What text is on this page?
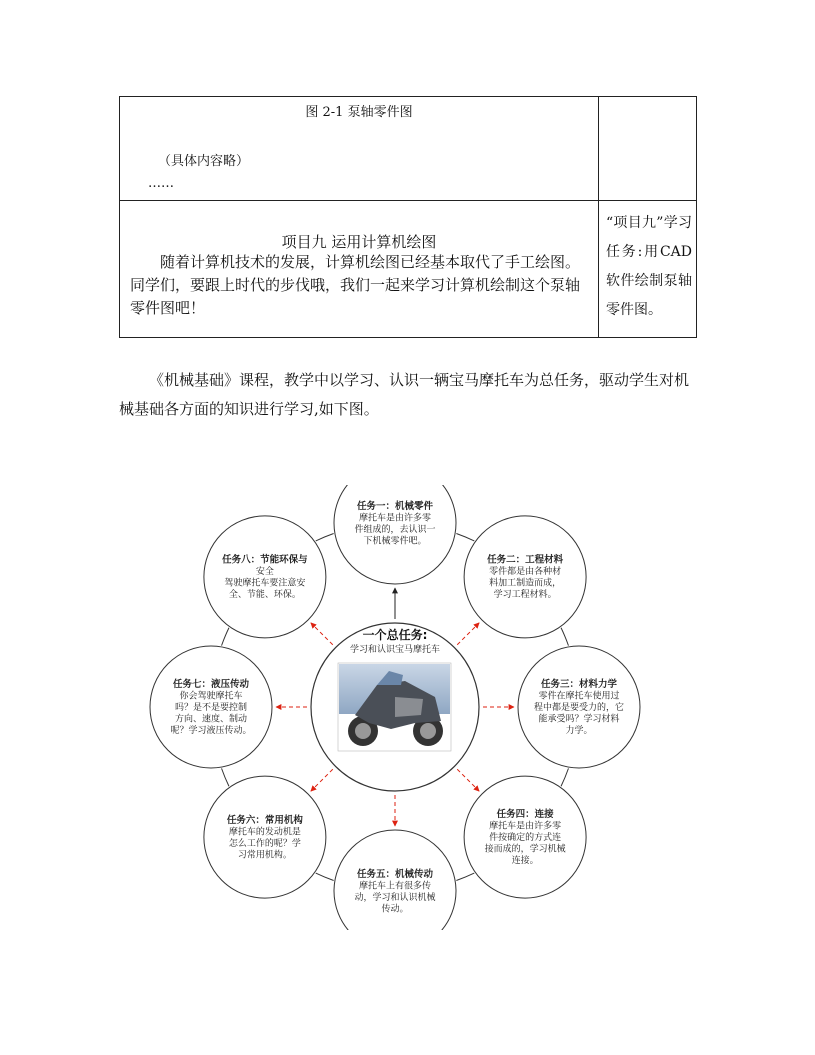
图 2-1 泵轴零件图
（具体内容略）
……
项目九 运用计算机绘图

随着计算机技术的发展，计算机绘图已经基本取代了手工绘图。同学们，要跟上时代的步伐哦，我们一起来学习计算机绘制这个泵轴零件图吧！

“项目九”学习任务:用CAD软件绘制泵轴零件图。

《机械基础》课程，教学中以学习、认识一辆宝马摩托车为总任务，驱动学生对机械基础各方面的知识进行学习,如下图。

一个总任务:
学习和认识宝马摩托车
任务一：机械零件
摩托车是由许多零
件组成的，去认识一
下机械零件吧。
任务二：工程材料
零件都是由各种材
料加工制造而成，
学习工程材料。
任务三：材料力学
零件在摩托车使用过
程中都是要受力的，它
能承受吗？学习材料
力学。
任务四：连接
摩托车是由许多零
件按确定的方式连
接而成的，学习机械
连接。
任务五：机械传动
摩托车上有很多传
动，学习和认识机械
传动。
任务六：常用机构
摩托车的发动机是
怎么工作的呢？学
习常用机构。
任务七：液压传动
你会驾驶摩托车
吗？是不是要控制
方向、速度、制动
呢？学习液压传动。
任务八：节能环保与
安全
驾驶摩托车要注意安
全、节能、环保。
